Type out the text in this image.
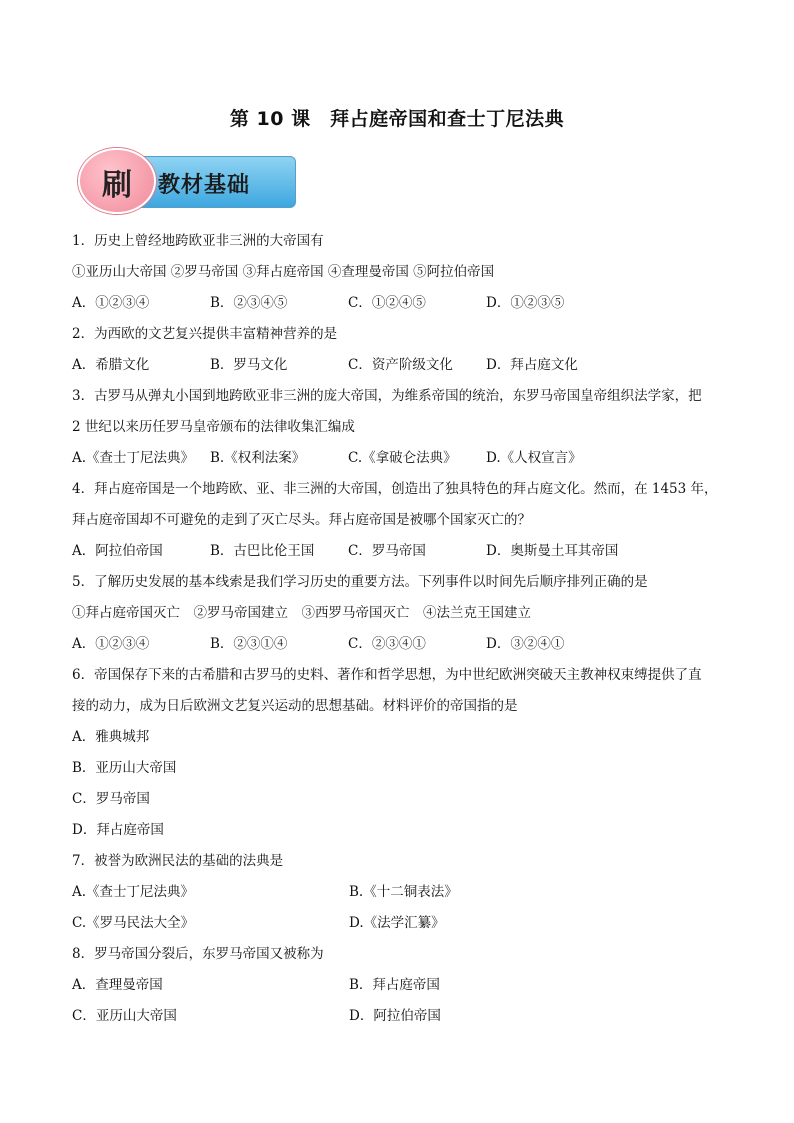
第 10 课　拜占庭帝国和查士丁尼法典
刷	教材基础
1．历史上曾经地跨欧亚非三洲的大帝国有
①亚历山大帝国 ②罗马帝国 ③拜占庭帝国 ④查理曼帝国 ⑤阿拉伯帝国
A．①②③④	B．②③④⑤	C．①②④⑤	D．①②③⑤
2．为西欧的文艺复兴提供丰富精神营养的是
A．希腊文化	B．罗马文化	C．资产阶级文化	D．拜占庭文化
3．古罗马从弹丸小国到地跨欧亚非三洲的庞大帝国，为维系帝国的统治，东罗马帝国皇帝组织法学家，把
2 世纪以来历任罗马皇帝颁布的法律收集汇编成
A.《查士丁尼法典》	B.《权利法案》	C.《拿破仑法典》	D.《人权宣言》
4．拜占庭帝国是一个地跨欧、亚、非三洲的大帝国，创造出了独具特色的拜占庭文化。然而，在 1453 年，
拜占庭帝国却不可避免的走到了灭亡尽头。拜占庭帝国是被哪个国家灭亡的？
A．阿拉伯帝国	B．古巴比伦王国	C．罗马帝国	D．奥斯曼土耳其帝国
5．了解历史发展的基本线索是我们学习历史的重要方法。下列事件以时间先后顺序排列正确的是
①拜占庭帝国灭亡　②罗马帝国建立　③西罗马帝国灭亡　④法兰克王国建立
A．①②③④	B．②③①④	C．②③④①	D．③②④①
6．帝国保存下来的古希腊和古罗马的史料、著作和哲学思想，为中世纪欧洲突破天主教神权束缚提供了直
接的动力，成为日后欧洲文艺复兴运动的思想基础。材料评价的帝国指的是
A．雅典城邦
B．亚历山大帝国
C．罗马帝国
D．拜占庭帝国
7．被誉为欧洲民法的基础的法典是
A.《查士丁尼法典》	B.《十二铜表法》
C.《罗马民法大全》	D.《法学汇纂》
8．罗马帝国分裂后，东罗马帝国又被称为
A．查理曼帝国	B．拜占庭帝国
C．亚历山大帝国	D．阿拉伯帝国
